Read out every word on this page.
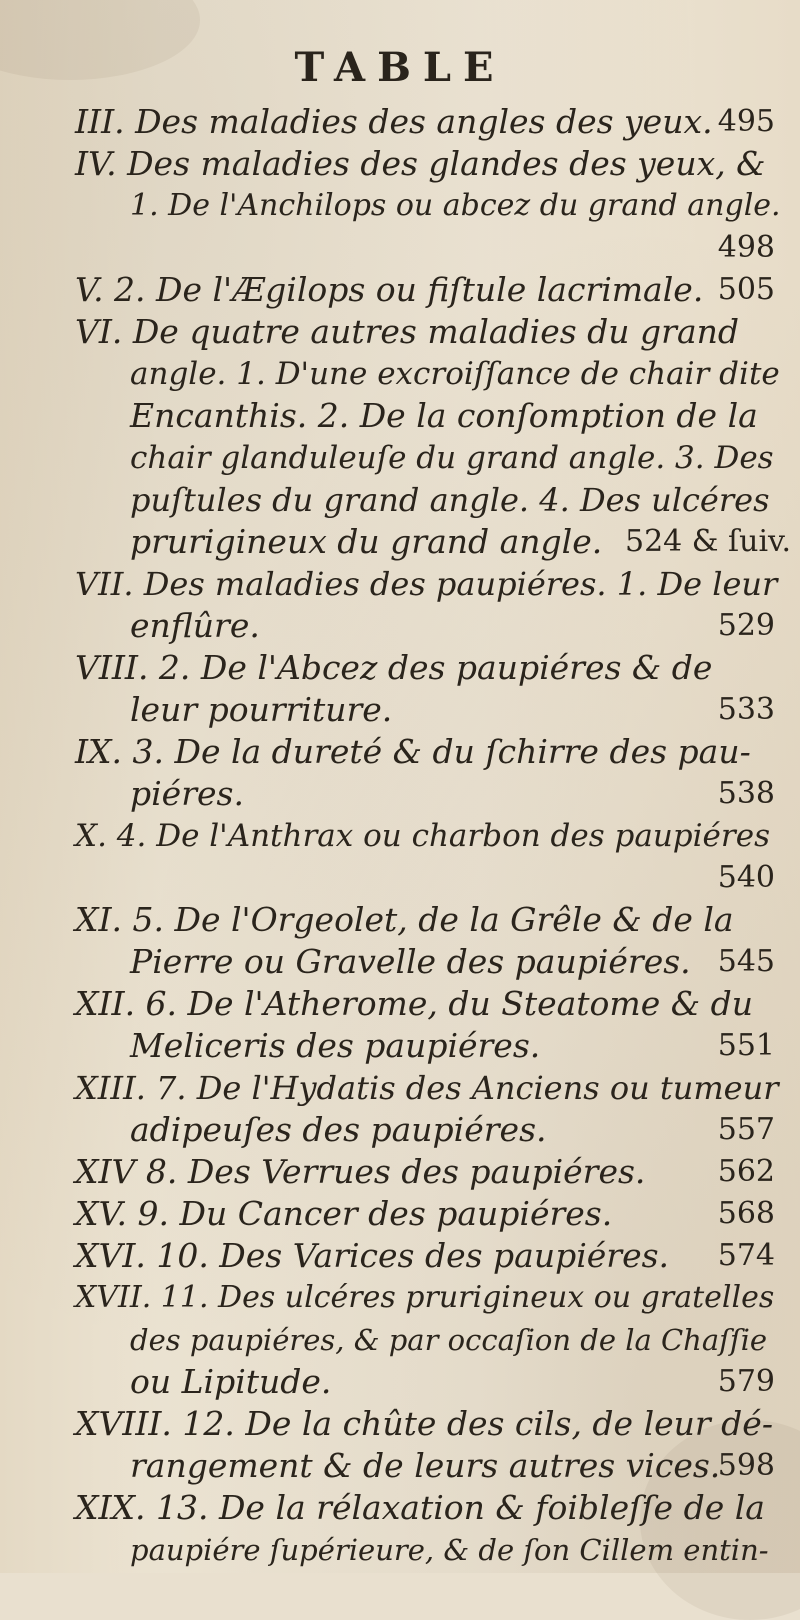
TABLE
III. Des maladies des angles des yeux. 495
IV. Des maladies des glandes des yeux, &
1. De l'Anchilops ou abcez du grand angle.
498
V. 2. De l'Ægilops ou fiſtule lacrimale. 505
VI. De quatre autres maladies du grand
angle. 1. D'une excroiſſance de chair dite
Encanthis. 2. De la conſomption de la
chair glanduleuſe du grand angle. 3. Des
puſtules du grand angle. 4. Des ulcéres
prurigineux du grand angle. 524 & ſuiv.
VII. Des maladies des paupiéres. 1. De leur
enflûre.	529
VIII. 2. De l'Abcez des paupiéres & de
leur pourriture.	533
IX. 3. De la dureté & du ſchirre des pau-
piéres.	538
X. 4. De l'Anthrax ou charbon des paupiéres
540
XI. 5. De l'Orgeolet, de la Grêle & de la
Pierre ou Gravelle des paupiéres. 545
XII. 6. De l'Atherome, du Steatome & du
Meliceris des paupiéres.	551
XIII. 7. De l'Hydatis des Anciens ou tumeur
adipeuſes des paupiéres.	557
XIV 8. Des Verrues des paupiéres.	562
XV. 9. Du Cancer des paupiéres.	568
XVI. 10. Des Varices des paupiéres.	574
XVII. 11. Des ulcéres prurigineux ou gratelles
des paupiéres, & par occaſion de la Chaſſie
ou Lipitude.	579
XVIII. 12. De la chûte des cils, de leur dé-
rangement & de leurs autres vices.
598
XIX. 13. De la rélaxation & foibleſſe de la
paupiére ſupérieure, & de ſon Cillem entin-
